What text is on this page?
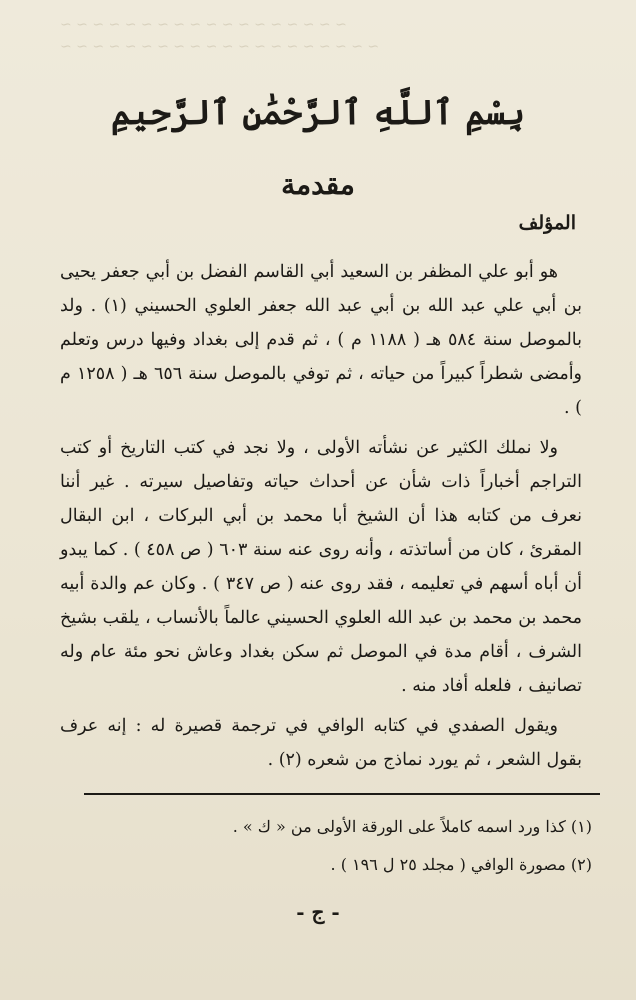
~ ~ ~ ~ ~ ~ ~ ~ ~ ~ ~ ~ ~ ~ ~ ~ ~ ~
~ ~ ~ ~ ~ ~ ~ ~ ~ ~ ~ ~ ~ ~ ~ ~ ~ ~ ~ ~
بِسْمِ ٱللَّهِ ٱلرَّحْمَٰنِ ٱلرَّحِيمِ
مقدمة
المؤلف

هو أبو علي المظفر بن السعيد أبي القاسم الفضل بن أبي جعفر يحيى بن أبي علي عبد الله بن أبي عبد الله جعفر العلوي الحسيني (١) . ولد بالموصل سنة ٥٨٤ هـ ( ١١٨٨ م ) ، ثم قدم إلى بغداد وفيها درس وتعلم وأمضى شطراً كبيراً من حياته ، ثم توفي بالموصل سنة ٦٥٦ هـ ( ١٢٥٨ م ) .

ولا نملك الكثير عن نشأته الأولى ، ولا نجد في كتب التاريخ أو كتب التراجم أخباراً ذات شأن عن أحداث حياته وتفاصيل سيرته . غير أننا نعرف من كتابه هذا أن الشيخ أبا محمد بن أبي البركات ، ابن البقال المقرئ ، كان من أساتذته ، وأنه روى عنه سنة ٦٠٣ ( ص ٤٥٨ ) . كما يبدو أن أباه أسهم في تعليمه ، فقد روى عنه ( ص ٣٤٧ ) . وكان عم والدة أبيه محمد بن محمد بن عبد الله العلوي الحسيني عالماً بالأنساب ، يلقب بشيخ الشرف ، أقام مدة في الموصل ثم سكن بغداد وعاش نحو مئة عام وله تصانيف ، فلعله أفاد منه .

ويقول الصفدي في كتابه الوافي في ترجمة قصيرة له : إنه عرف بقول الشعر ، ثم يورد نماذج من شعره (٢) .

(١) كذا ورد اسمه كاملاً على الورقة الأولى من « ك » .
(٢) مصورة الوافي ( مجلد ٢٥ ل ١٩٦ ) .
- ج -
